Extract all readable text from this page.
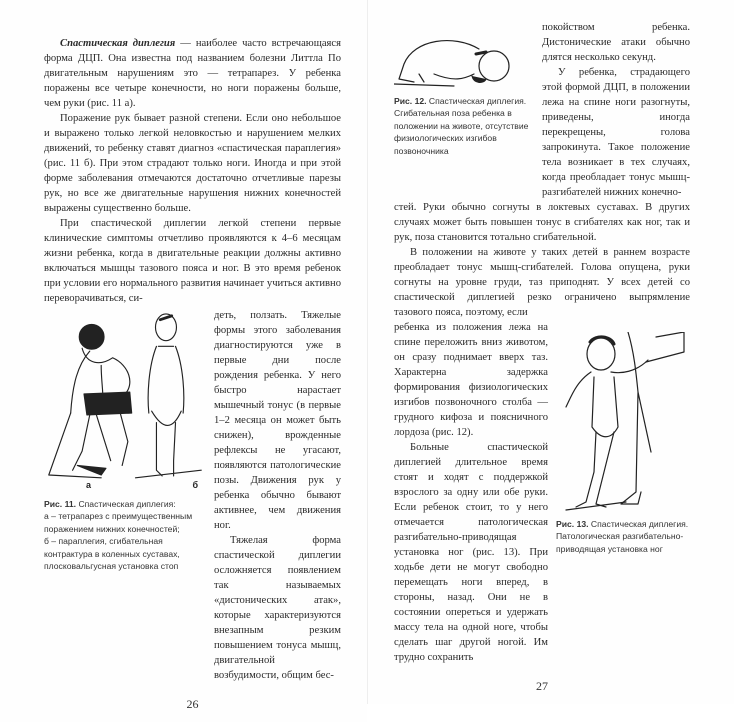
Спастическая диплегия — наиболее часто встречающаяся форма ДЦП. Она известна под названием болезни Литтла По двигательным нарушениям это — тетрапарез. У ребенка поражены все четыре конечности, но ноги поражены больше, чем руки (рис. 11 а).

Поражение рук бывает разной степени. Если оно небольшое и выражено только легкой неловкостью и нарушением мелких движений, то ребенку ставят диагноз «спастическая параплегия» (рис. 11 б). При этом страдают только ноги. Иногда и при этой форме заболевания отмечаются достаточно отчетливые парезы рук, но все же двигательные нарушения нижних конечностей выражены существенно больше.

При спастической диплегии легкой степени первые клинические симптомы отчетливо проявляются к 4–6 месяцам жизни ребенка, когда в двигательные реакции должны активно включаться мышцы тазового пояса и ног. В это время ребенок при условии его нормального развития начинает учиться активно переворачиваться, си-

а	б
Рис. 11. Спастическая диплегия:
а – тетрапарез с преимущественным поражением нижних конечностей;
б – параплегия, сгибательная контрактура в коленных суставах, плосковальгусная установка стоп

деть, ползать. Тяжелые формы этого заболевания диагностируются уже в первые дни после рождения ребенка. У него быстро нарастает мышечный тонус (в первые 1–2 месяца он может быть снижен), врожденные рефлексы не угасают, появляются патологические позы. Движения рук у ребенка обычно бывают активнее, чем движения ног.

Тяжелая форма спастической диплегии осложняется появлением так называемых «дистонических атак», которые характеризуются внезапным резким повышением тонуса мышц, двигательной возбудимости, общим бес-

26
Рис. 12. Спастическая диплегия. Сгибательная поза ребенка в положении на животе, отсутствие физиологических изгибов позвоночника

покойством ребенка. Дистонические атаки обычно длятся несколько секунд.

У ребенка, страдающего этой формой ДЦП, в положении лежа на спине ноги разогнуты, приведены, иногда перекрещены, голова запрокинута. Такое положение тела возникает в тех случаях, когда преобладает тонус мышц-разгибателей нижних конечно-

стей. Руки обычно согнуты в локтевых суставах. В других случаях может быть повышен тонус в сгибателях как ног, так и рук, поза становится тотально сгибательной.

В положении на животе у таких детей в раннем возрасте преобладает тонус мышц-сгибателей. Голова опущена, руки согнуты на уровне груди, таз приподнят. У всех детей со спастической диплегией резко ограничено выпрямление тазового пояса, поэтому, если

ребенка из положения лежа на спине переложить вниз животом, он сразу поднимает вверх таз. Характерна задержка формирования физиологических изгибов позвоночного столба — грудного кифоза и поясничного лордоза (рис. 12).

Больные спастической диплегией длительное время стоят и ходят с поддержкой взрослого за одну или обе руки. Если ребенок стоит, то у него отмечается патологическая разгибательно-приводящая установка ног (рис. 13). При ходьбе дети не могут свободно перемещать ноги вперед, в стороны, назад. Они не в состоянии опереться и удержать массу тела на одной ноге, чтобы сделать шаг другой ногой. Им трудно сохранить

Рис. 13. Спастическая диплегия. Патологическая разгибательно-приводящая установка ног
27
